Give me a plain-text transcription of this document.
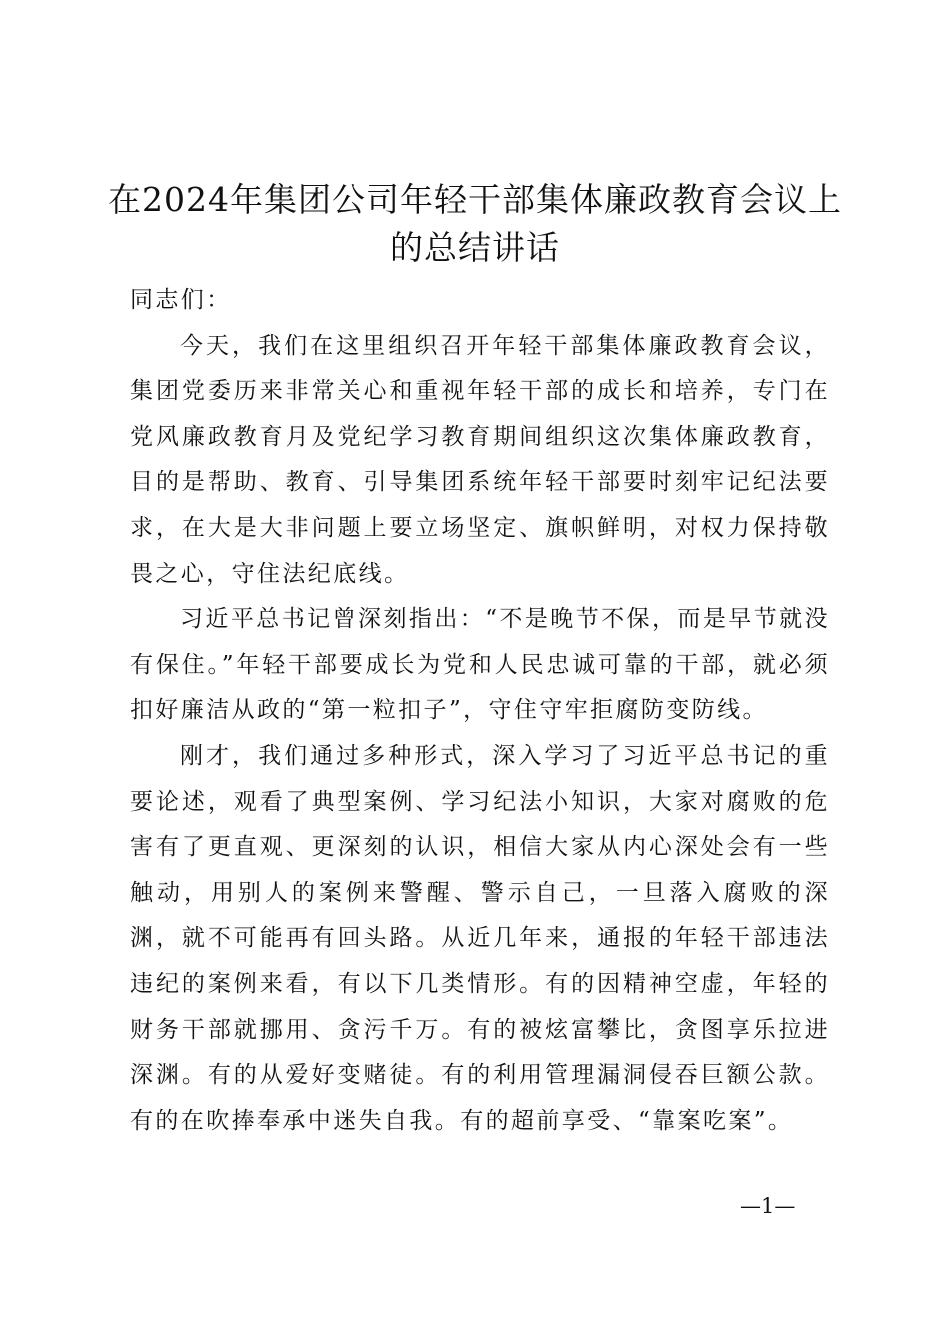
在2024年集团公司年轻干部集体廉政教育会议上的总结讲话

同志们：

今天，我们在这里组织召开年轻干部集体廉政教育会议，集团党委历来非常关心和重视年轻干部的成长和培养，专门在党风廉政教育月及党纪学习教育期间组织这次集体廉政教育，目的是帮助、教育、引导集团系统年轻干部要时刻牢记纪法要求，在大是大非问题上要立场坚定、旗帜鲜明，对权力保持敬畏之心，守住法纪底线。

习近平总书记曾深刻指出：“不是晚节不保，而是早节就没有保住。”年轻干部要成长为党和人民忠诚可靠的干部，就必须扣好廉洁从政的“第一粒扣子”，守住守牢拒腐防变防线。

刚才，我们通过多种形式，深入学习了习近平总书记的重要论述，观看了典型案例、学习纪法小知识，大家对腐败的危害有了更直观、更深刻的认识，相信大家从内心深处会有一些触动，用别人的案例来警醒、警示自己，一旦落入腐败的深渊，就不可能再有回头路。从近几年来，通报的年轻干部违法违纪的案例来看，有以下几类情形。有的因精神空虚，年轻的财务干部就挪用、贪污千万。有的被炫富攀比，贪图享乐拉进深渊。有的从爱好变赌徒。有的利用管理漏洞侵吞巨额公款。有的在吹捧奉承中迷失自我。有的超前享受、“靠案吃案”。

—1—
